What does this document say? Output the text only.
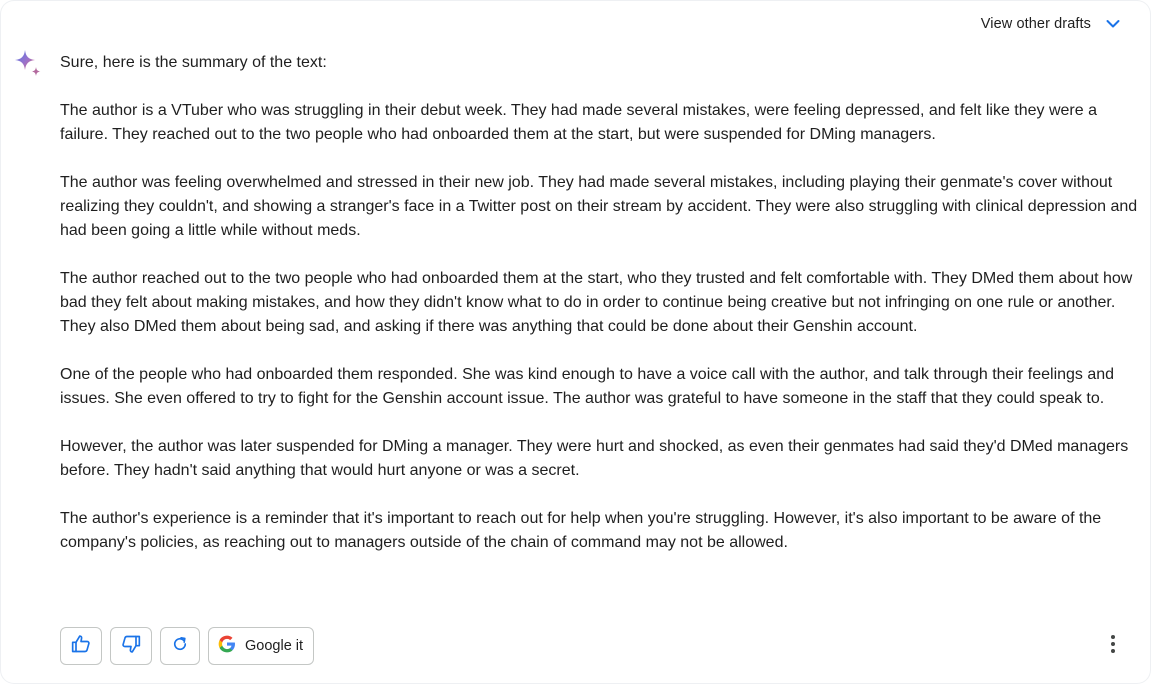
View other drafts

Sure, here is the summary of the text:

The author is a VTuber who was struggling in their debut week. They had made several mistakes, were feeling depressed, and felt like they were a failure. They reached out to the two people who had onboarded them at the start, but were suspended for DMing managers.

The author was feeling overwhelmed and stressed in their new job. They had made several mistakes, including playing their genmate's cover without realizing they couldn't, and showing a stranger's face in a Twitter post on their stream by accident. They were also struggling with clinical depression and had been going a little while without meds.

The author reached out to the two people who had onboarded them at the start, who they trusted and felt comfortable with. They DMed them about how bad they felt about making mistakes, and how they didn't know what to do in order to continue being creative but not infringing on one rule or another. They also DMed them about being sad, and asking if there was anything that could be done about their Genshin account.

One of the people who had onboarded them responded. She was kind enough to have a voice call with the author, and talk through their feelings and issues. She even offered to try to fight for the Genshin account issue. The author was grateful to have someone in the staff that they could speak to.

However, the author was later suspended for DMing a manager. They were hurt and shocked, as even their genmates had said they'd DMed managers before. They hadn't said anything that would hurt anyone or was a secret.

The author's experience is a reminder that it's important to reach out for help when you're struggling. However, it's also important to be aware of the company's policies, as reaching out to managers outside of the chain of command may not be allowed.

Google it
